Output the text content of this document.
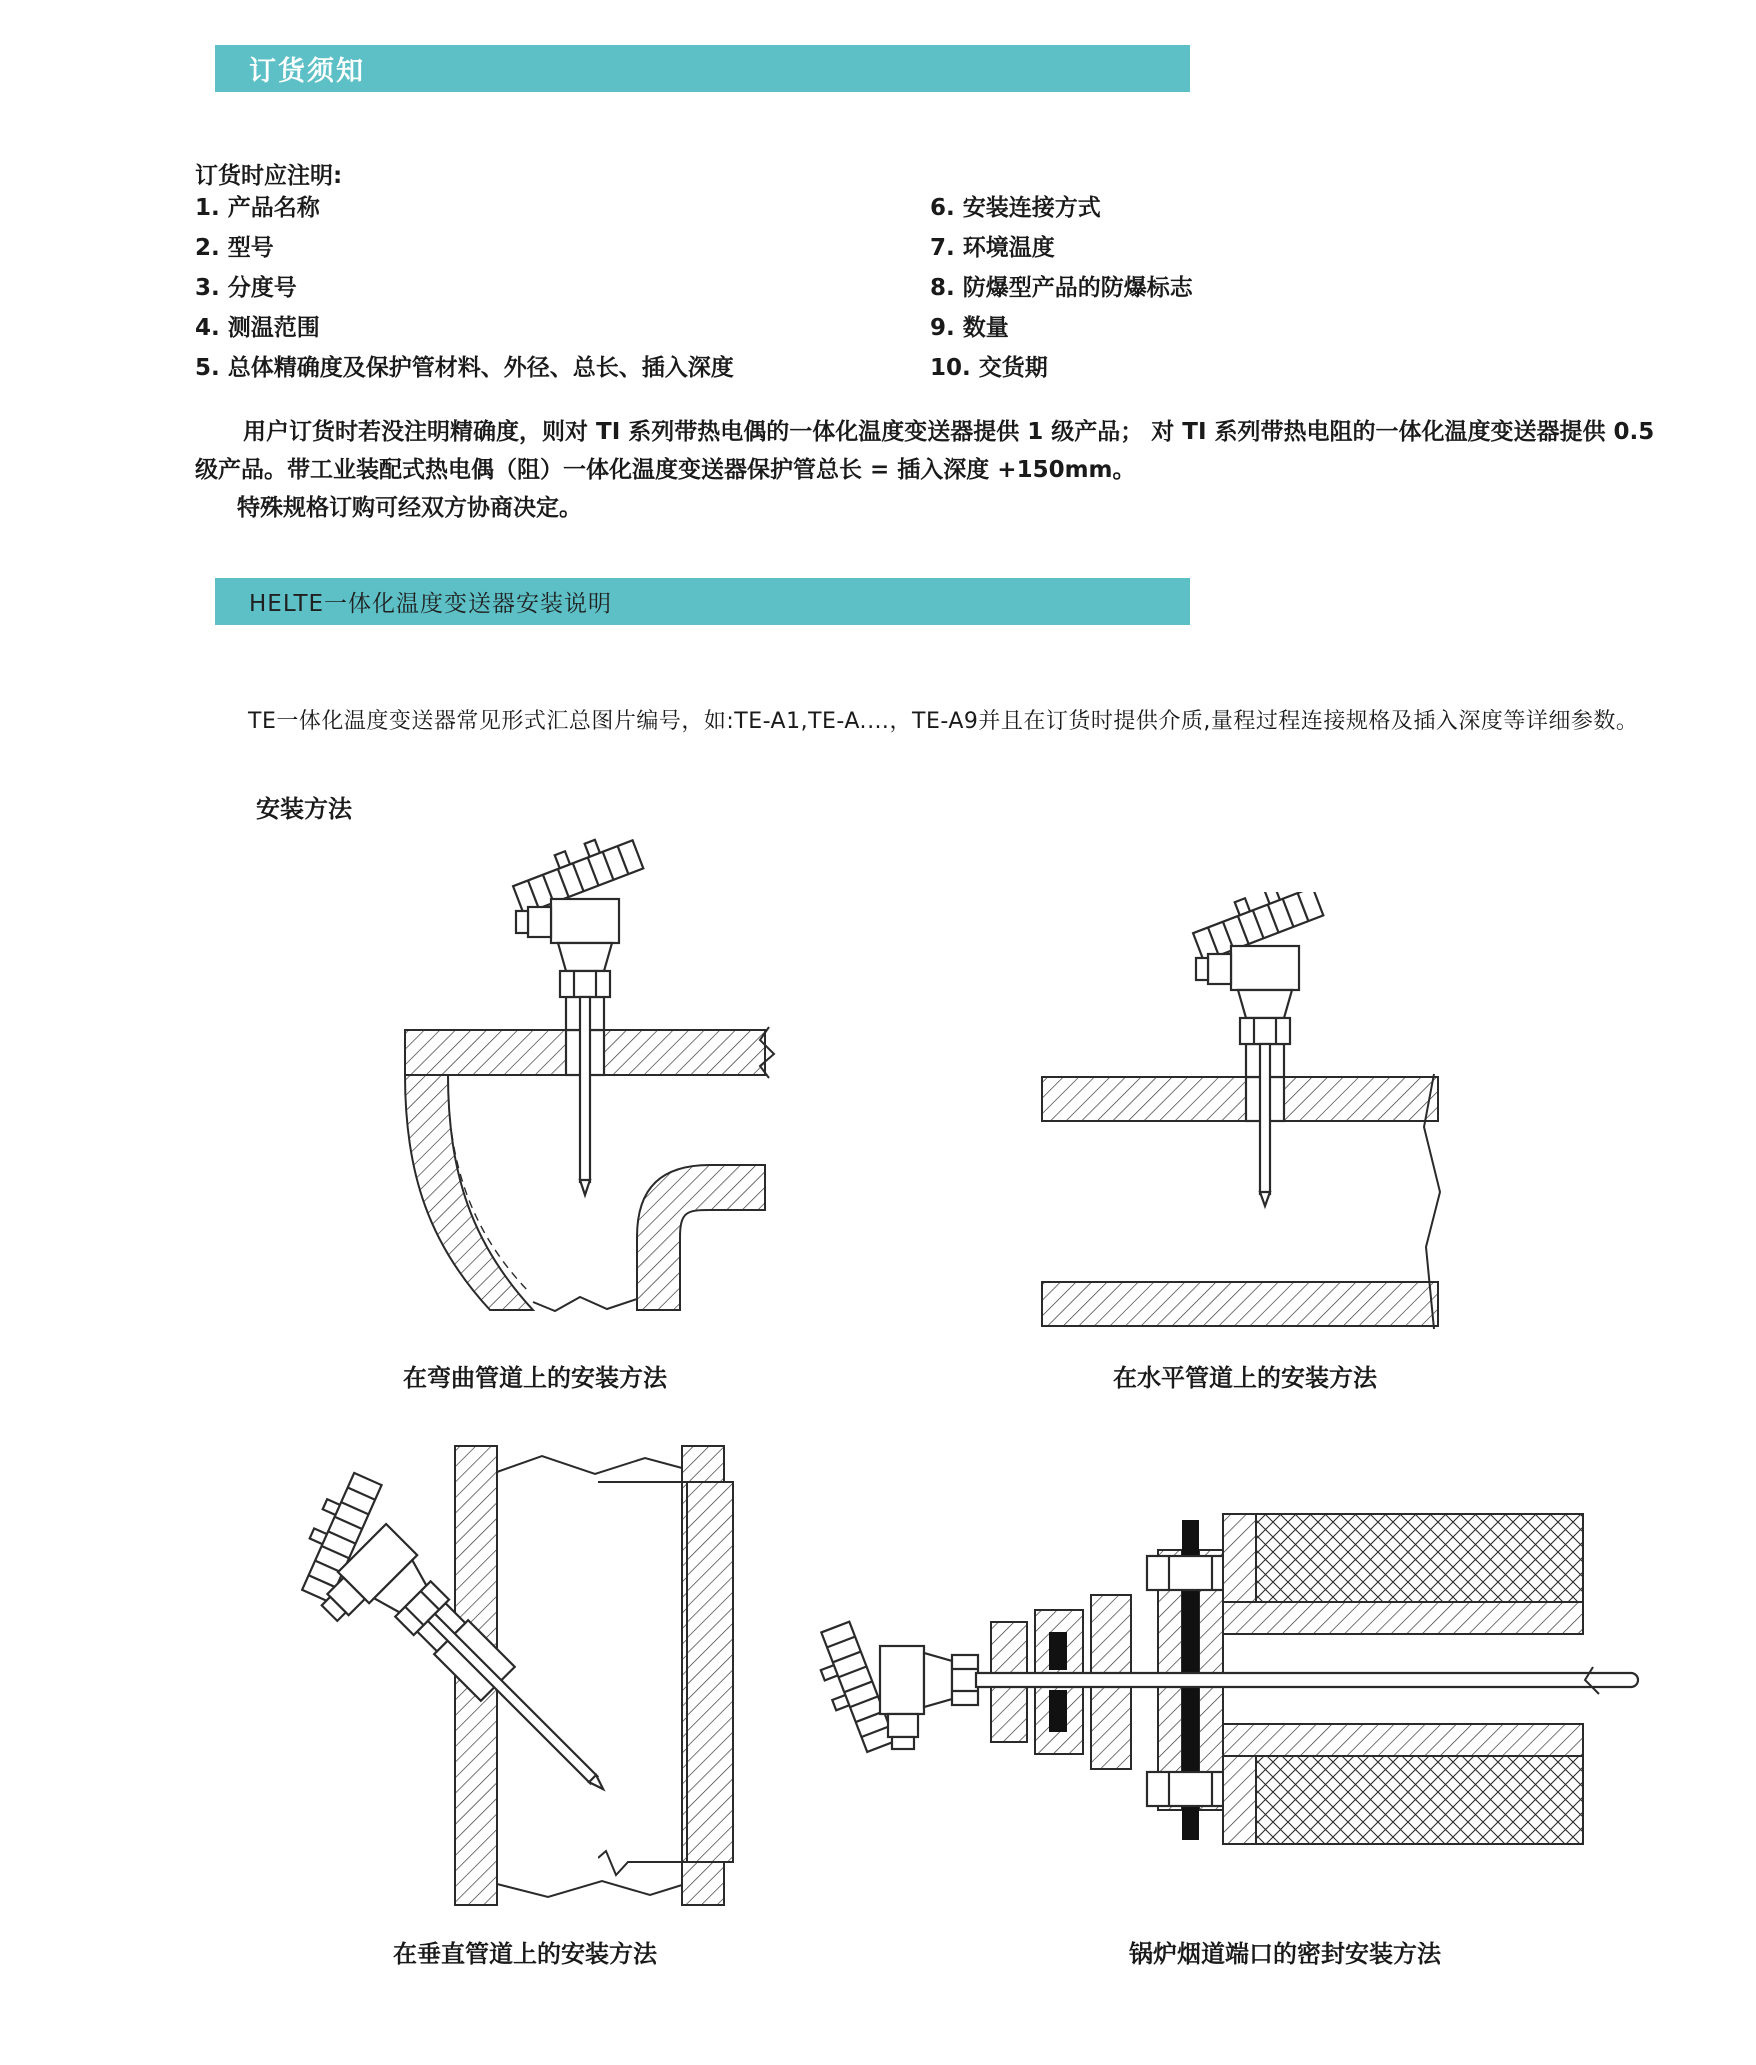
订货须知
订货时应注明:
1. 产品名称
2. 型号
3. 分度号
4. 测温范围
5. 总体精确度及保护管材料、外径、总长、插入深度
6. 安装连接方式
7. 环境温度
8. 防爆型产品的防爆标志
9. 数量
10. 交货期
用户订货时若没注明精确度，则对 TI 系列带热电偶的一体化温度变送器提供 1 级产品； 对 TI 系列带热电阻的一体化温度变送器提供 0.5
级产品。带工业装配式热电偶（阻）一体化温度变送器保护管总长 = 插入深度 +150mm。
特殊规格订购可经双方协商决定。
HELTE一体化温度变送器安装说明
TE一体化温度变送器常见形式汇总图片编号，如:TE-A1,TE-A.…，TE-A9并且在订货时提供介质,量程过程连接规格及插入深度等详细参数。
安装方法
在弯曲管道上的安装方法	在水平管道上的安装方法
在垂直管道上的安装方法	锅炉烟道端口的密封安装方法
